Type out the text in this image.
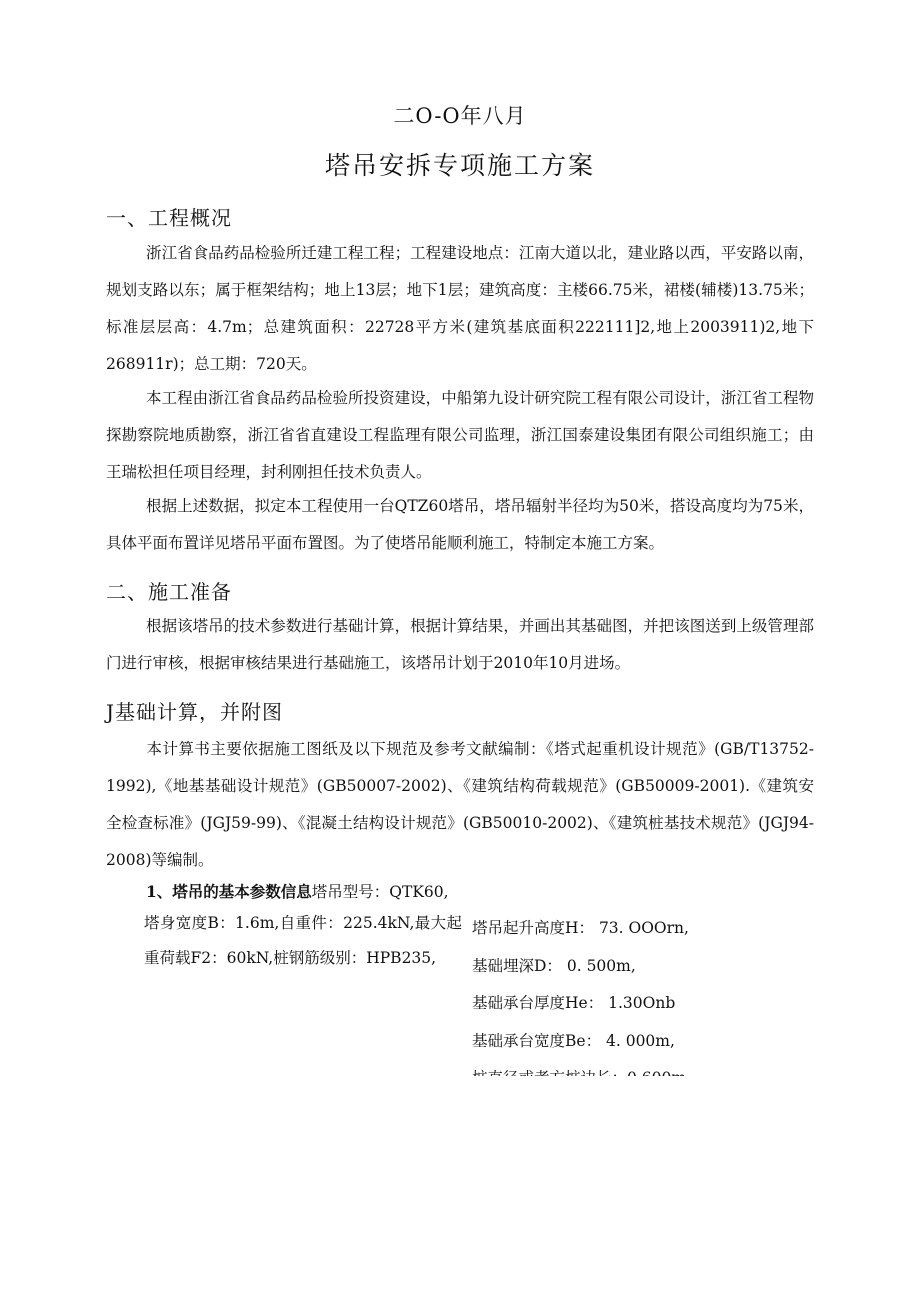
二O-O年八月
塔吊安拆专项施工方案
一、工程概况

浙江省食品药品检验所迁建工程工程；工程建设地点：江南大道以北，建业路以西，平安路以南，规划支路以东；属于框架结构；地上13层；地下1层；建筑高度：主楼66.75米，裙楼(辅楼)13.75米；标准层层高：4.7m；总建筑面积：22728平方米(建筑基底面积222111]2,地上2003911)2,地下268911r)；总工期：720天。

本工程由浙江省食品药品检验所投资建设，中船第九设计研究院工程有限公司设计，浙江省工程物探勘察院地质勘察，浙江省省直建设工程监理有限公司监理，浙江国泰建设集团有限公司组织施工；由王瑞松担任项目经理，封利刚担任技术负责人。

根据上述数据，拟定本工程使用一台QTZ60塔吊，塔吊辐射半径均为50米，搭设高度均为75米，具体平面布置详见塔吊平面布置图。为了使塔吊能顺利施工，特制定本施工方案。

二、施工准备

根据该塔吊的技术参数进行基础计算，根据计算结果，并画出其基础图，并把该图送到上级管理部门进行审核，根据审核结果进行基础施工，该塔吊计划于2010年10月进场。

J基础计算，并附图

本计算书主要依据施工图纸及以下规范及参考文献编制：《塔式起重机设计规范》(GB/T13752-1992),《地基基础设计规范》(GB50007-2002)、《建筑结构荷载规范》(GB50009-2001).《建筑安全检查标准》(JGJ59-99)、《混凝土结构设计规范》(GB50010-2002)、《建筑桩基技术规范》(JGJ94-2008)等编制。

1、塔吊的基本参数信息塔吊型号：QTK60,
塔身宽度B：1.6m,自重件：225.4kN,最大起重荷载F2：60kN,桩钢筋级别：HPB235,
塔吊起升高度H： 73. OOOrn,
基础埋深D： 0. 500m,
基础承台厚度He： 1.30Onb
基础承台宽度Be： 4. 000m,
